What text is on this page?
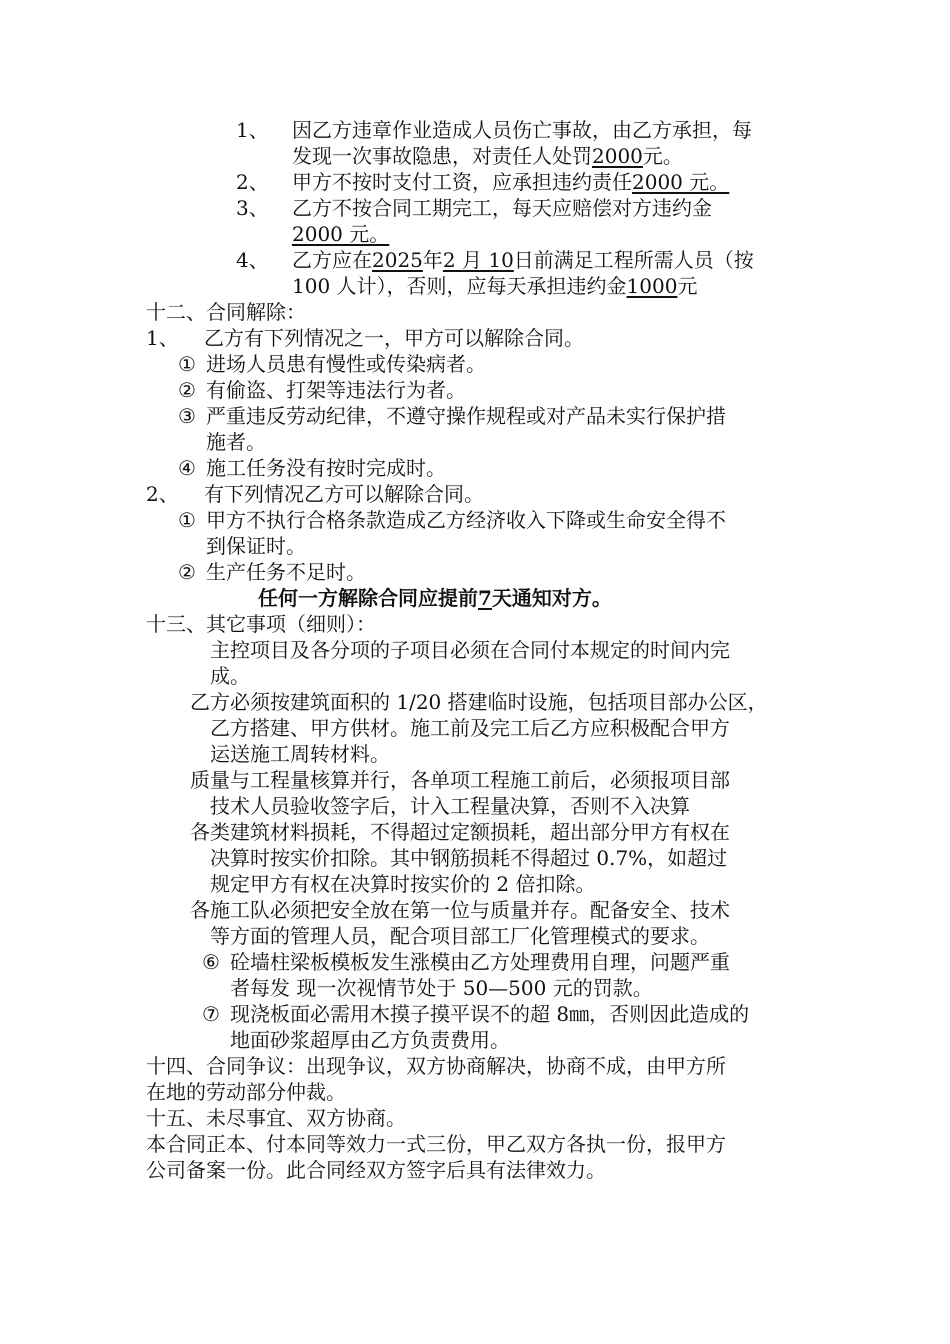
1、 因乙方违章作业造成人员伤亡事故，由乙方承担，每
发现一次事故隐患，对责任人处罚2000元。
2、 甲方不按时支付工资，应承担违约责任2000 元。
3、 乙方不按合同工期完工，每天应赔偿对方违约金
2000 元。
4、 乙方应在2025年2 月 10日前满足工程所需人员（按
100 人计），否则，应每天承担违约金1000元
十二、合同解除：
1、 乙方有下列情况之一，甲方可以解除合同。
① 进场人员患有慢性或传染病者。
② 有偷盗、打架等违法行为者。
③ 严重违反劳动纪律，不遵守操作规程或对产品未实行保护措
施者。
④ 施工任务没有按时完成时。
2、 有下列情况乙方可以解除合同。
① 甲方不执行合格条款造成乙方经济收入下降或生命安全得不
到保证时。
② 生产任务不足时。
任何一方解除合同应提前7天通知对方。
十三、其它事项（细则）：
主控项目及各分项的子项目必须在合同付本规定的时间内完
成。
乙方必须按建筑面积的 1/20 搭建临时设施，包括项目部办公区，
乙方搭建、甲方供材。施工前及完工后乙方应积极配合甲方
运送施工周转材料。
质量与工程量核算并行，各单项工程施工前后，必须报项目部
技术人员验收签字后，计入工程量决算，否则不入决算
各类建筑材料损耗，不得超过定额损耗，超出部分甲方有权在
决算时按实价扣除。其中钢筋损耗不得超过 0.7%，如超过
规定甲方有权在决算时按实价的 2 倍扣除。
各施工队必须把安全放在第一位与质量并存。配备安全、技术
等方面的管理人员，配合项目部工厂化管理模式的要求。
⑥ 砼墙柱梁板模板发生涨模由乙方处理费用自理，问题严重
者每发 现一次视情节处于 50—500 元的罚款。
⑦ 现浇板面必需用木摸子摸平误不的超 8㎜，否则因此造成的
地面砂浆超厚由乙方负责费用。
十四、合同争议：出现争议，双方协商解决，协商不成，由甲方所
在地的劳动部分仲裁。
十五、未尽事宜、双方协商。
本合同正本、付本同等效力一式三份，甲乙双方各执一份，报甲方
公司备案一份。此合同经双方签字后具有法律效力。
